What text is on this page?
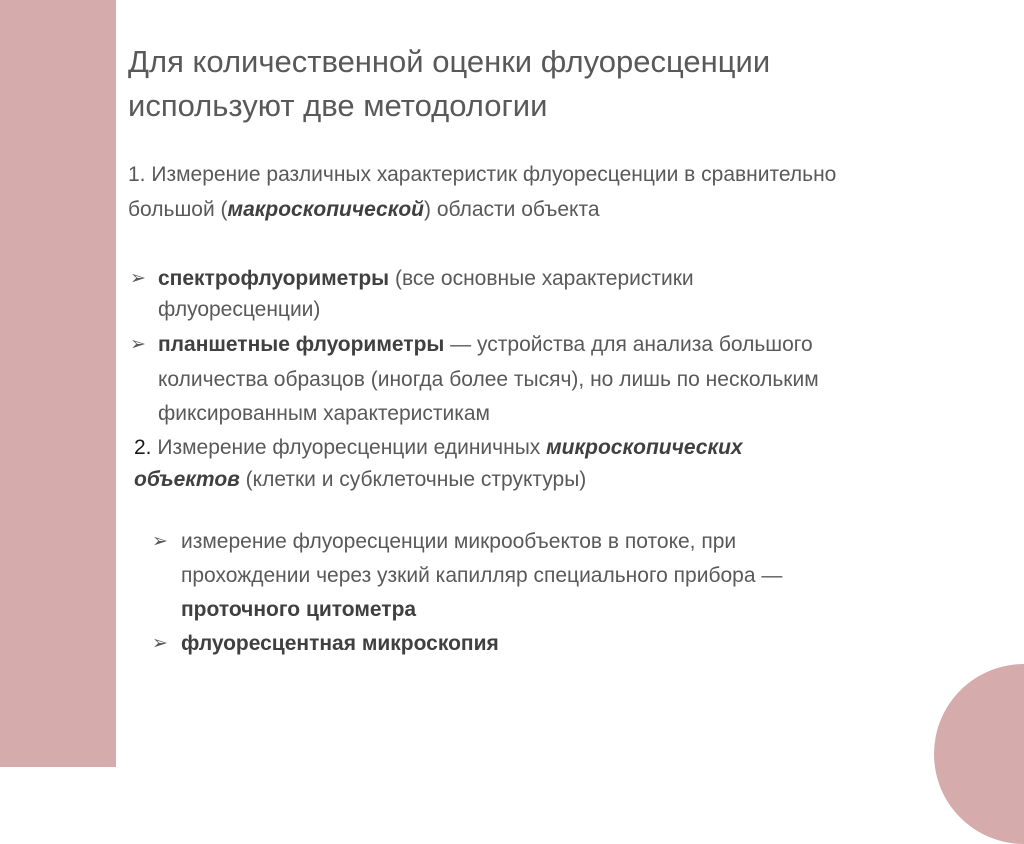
Для количественной оценки флуоресценции
используют две методологии

1. Измерение различных характеристик флуоресценции в сравнительно

большой (макроскопической) области объекта

➢ спектрофлуориметры (все основные характеристики

флуоресценции)

➢ планшетные флуориметры — устройства для анализа большого

количества образцов (иногда более тысяч), но лишь по нескольким

фиксированным характеристикам

2. Измерение флуоресценции единичных микроскопических

объектов (клетки и субклеточные структуры)

➢ измерение флуоресценции микрообъектов в потоке, при

прохождении через узкий капилляр специального прибора —

проточного цитометра

➢ флуоресцентная микроскопия
